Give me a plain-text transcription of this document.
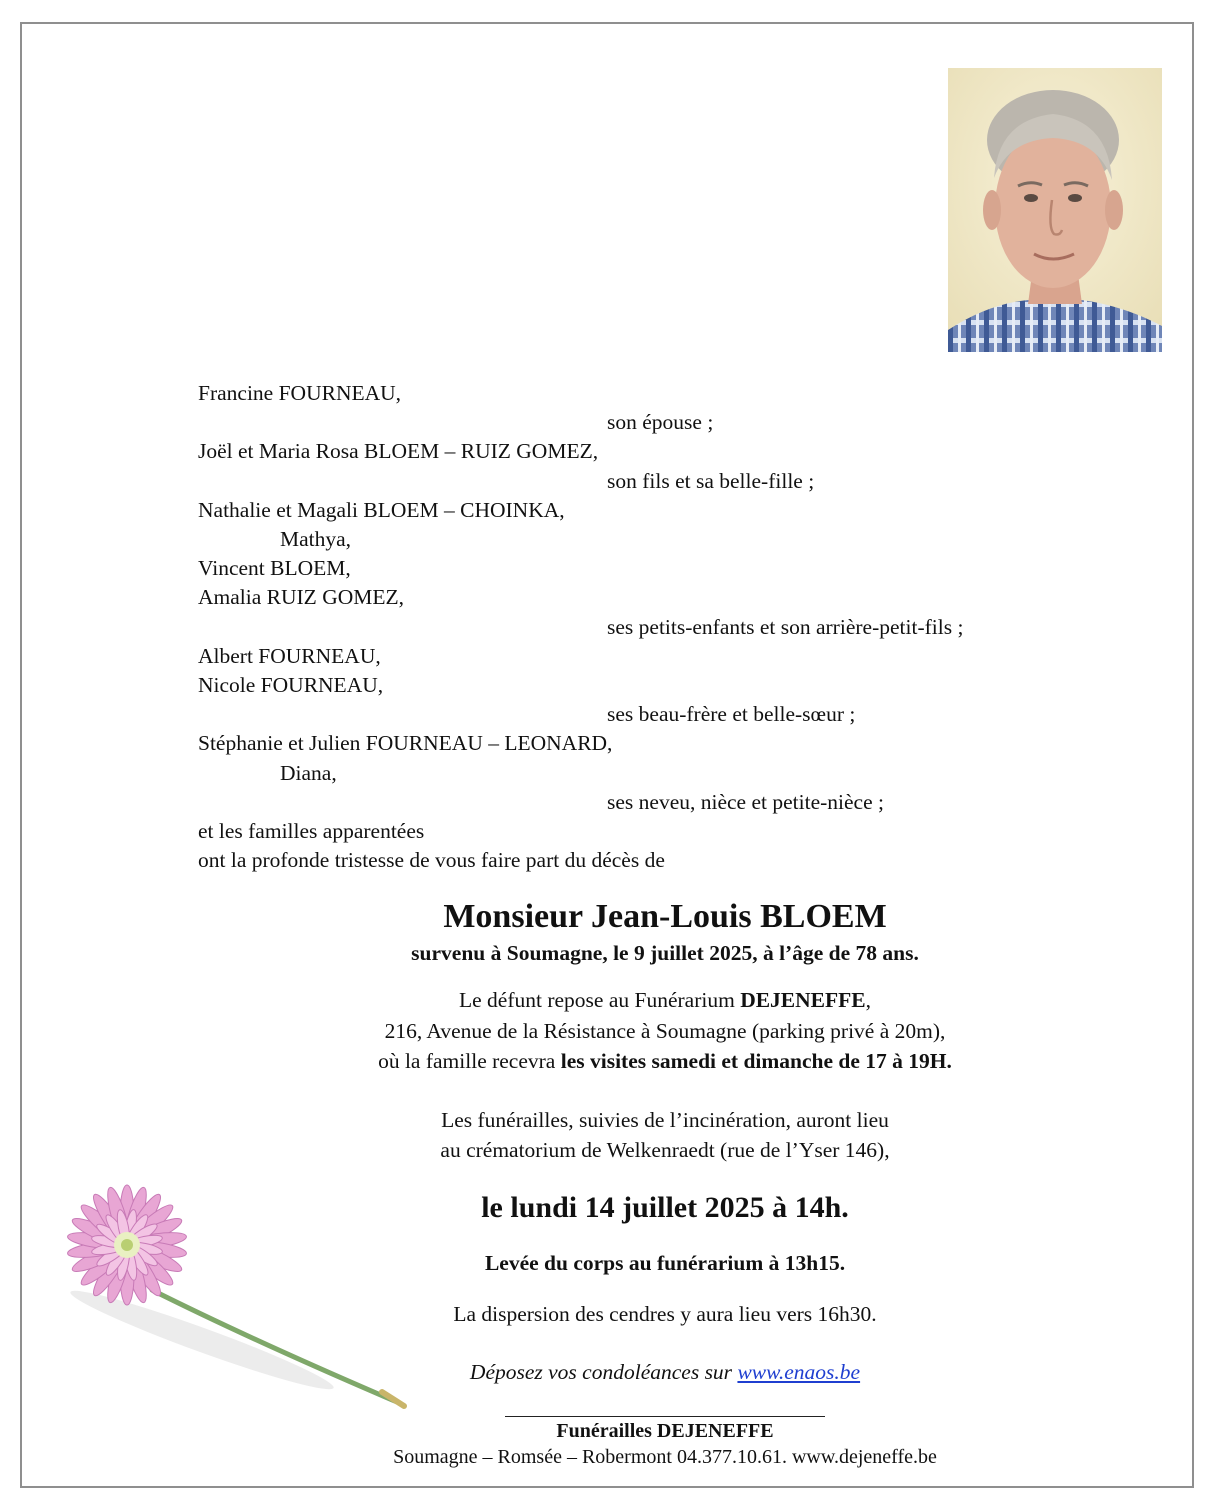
Francine FOURNEAU,
son épouse ;
Joël et Maria Rosa BLOEM – RUIZ GOMEZ,
son fils et sa belle-fille ;
Nathalie et Magali BLOEM – CHOINKA,
Mathya,
Vincent BLOEM,
Amalia RUIZ GOMEZ,
ses petits-enfants et son arrière-petit-fils ;
Albert FOURNEAU,
Nicole FOURNEAU,
ses beau-frère et belle-sœur ;
Stéphanie et Julien FOURNEAU – LEONARD,
Diana,
ses neveu, nièce et petite-nièce ;
et les familles apparentées
ont la profonde tristesse de vous faire part du décès de
Monsieur Jean-Louis BLOEM
survenu à Soumagne, le 9 juillet 2025, à l’âge de 78 ans.
Le défunt repose au Funérarium DEJENEFFE,
216, Avenue de la Résistance à Soumagne (parking privé à 20m),
où la famille recevra les visites samedi et dimanche de 17 à 19H.
Les funérailles, suivies de l’incinération, auront lieu
au crématorium de Welkenraedt (rue de l’Yser 146),
le lundi 14 juillet 2025 à 14h.
Levée du corps au funérarium à 13h15.
La dispersion des cendres y aura lieu vers 16h30.
Déposez vos condoléances sur www.enaos.be
Funérailles DEJENEFFE
Soumagne – Romsée – Robermont 04.377.10.61. www.dejeneffe.be
